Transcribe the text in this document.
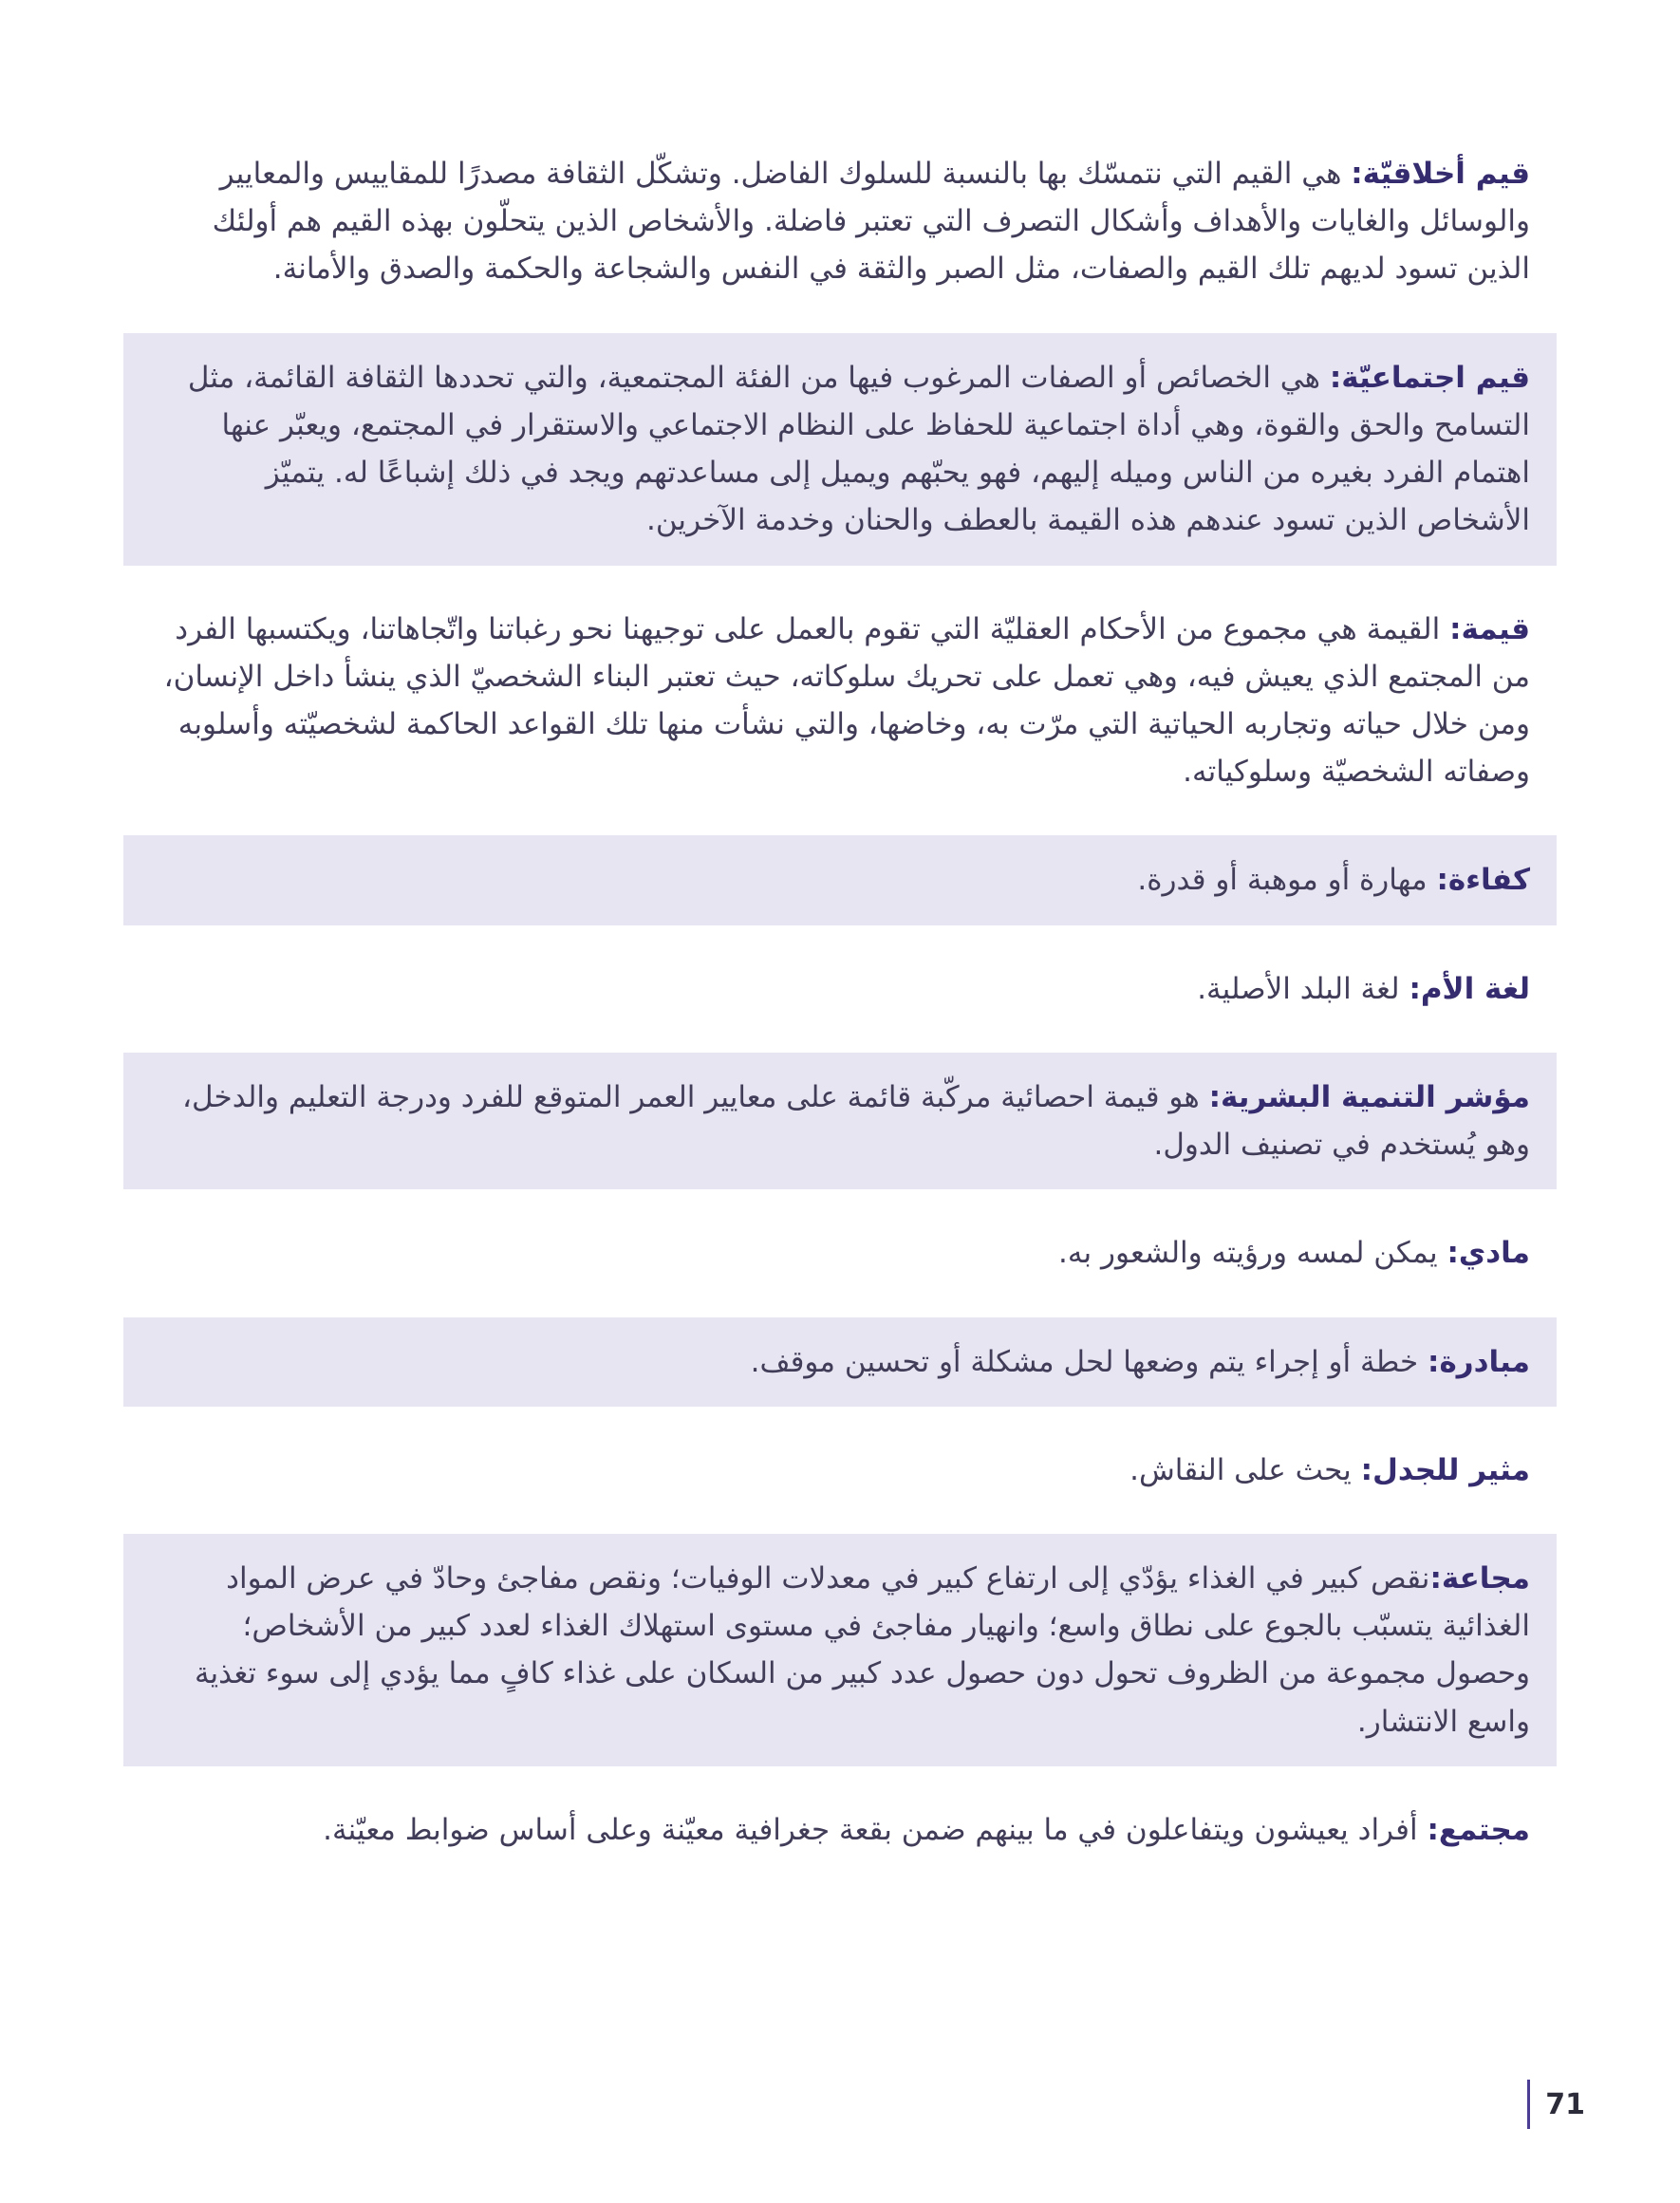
قيم أخلاقيّة: هي القيم التي نتمسّك بها بالنسبة للسلوك الفاضل. وتشكّل الثقافة مصدرًا للمقاييس والمعايير والوسائل والغايات والأهداف وأشكال التصرف التي تعتبر فاضلة. والأشخاص الذين يتحلّون بهذه القيم هم أولئك الذين تسود لديهم تلك القيم والصفات، مثل الصبر والثقة في النفس والشجاعة والحكمة والصدق والأمانة.

قيم اجتماعيّة: هي الخصائص أو الصفات المرغوب فيها من الفئة المجتمعية، والتي تحددها الثقافة القائمة، مثل التسامح والحق والقوة، وهي أداة اجتماعية للحفاظ على النظام الاجتماعي والاستقرار في المجتمع، ويعبّر عنها اهتمام الفرد بغيره من الناس وميله إليهم، فهو يحبّهم ويميل إلى مساعدتهم ويجد في ذلك إشباعًا له. يتميّز الأشخاص الذين تسود عندهم هذه القيمة بالعطف والحنان وخدمة الآخرين.

قيمة: القيمة هي مجموع من الأحكام العقليّة التي تقوم بالعمل على توجيهنا نحو رغباتنا واتّجاهاتنا، ويكتسبها الفرد من المجتمع الذي يعيش فيه، وهي تعمل على تحريك سلوكاته، حيث تعتبر البناء الشخصيّ الذي ينشأ داخل الإنسان، ومن خلال حياته وتجاربه الحياتية التي مرّت به، وخاضها، والتي نشأت منها تلك القواعد الحاكمة لشخصيّته وأسلوبه وصفاته الشخصيّة وسلوكياته.

كفاءة: مهارة أو موهبة أو قدرة.

لغة الأم: لغة البلد الأصلية.

مؤشر التنمية البشرية: هو قيمة احصائية مركّبة قائمة على معايير العمر المتوقع للفرد ودرجة التعليم والدخل، وهو يُستخدم في تصنيف الدول.

مادي: يمكن لمسه ورؤيته والشعور به.

مبادرة: خطة أو إجراء يتم وضعها لحل مشكلة أو تحسين موقف.

مثير للجدل: يحث على النقاش.

مجاعة:نقص كبير في الغذاء يؤدّي إلى ارتفاع كبير في معدلات الوفيات؛ ونقص مفاجئ وحادّ في عرض المواد الغذائية يتسبّب بالجوع على نطاق واسع؛ وانهيار مفاجئ في مستوى استهلاك الغذاء لعدد كبير من الأشخاص؛ وحصول مجموعة من الظروف تحول دون حصول عدد كبير من السكان على غذاء كافٍ مما يؤدي إلى سوء تغذية واسع الانتشار.

مجتمع: أفراد يعيشون ويتفاعلون في ما بينهم ضمن بقعة جغرافية معيّنة وعلى أساس ضوابط معيّنة.

71
